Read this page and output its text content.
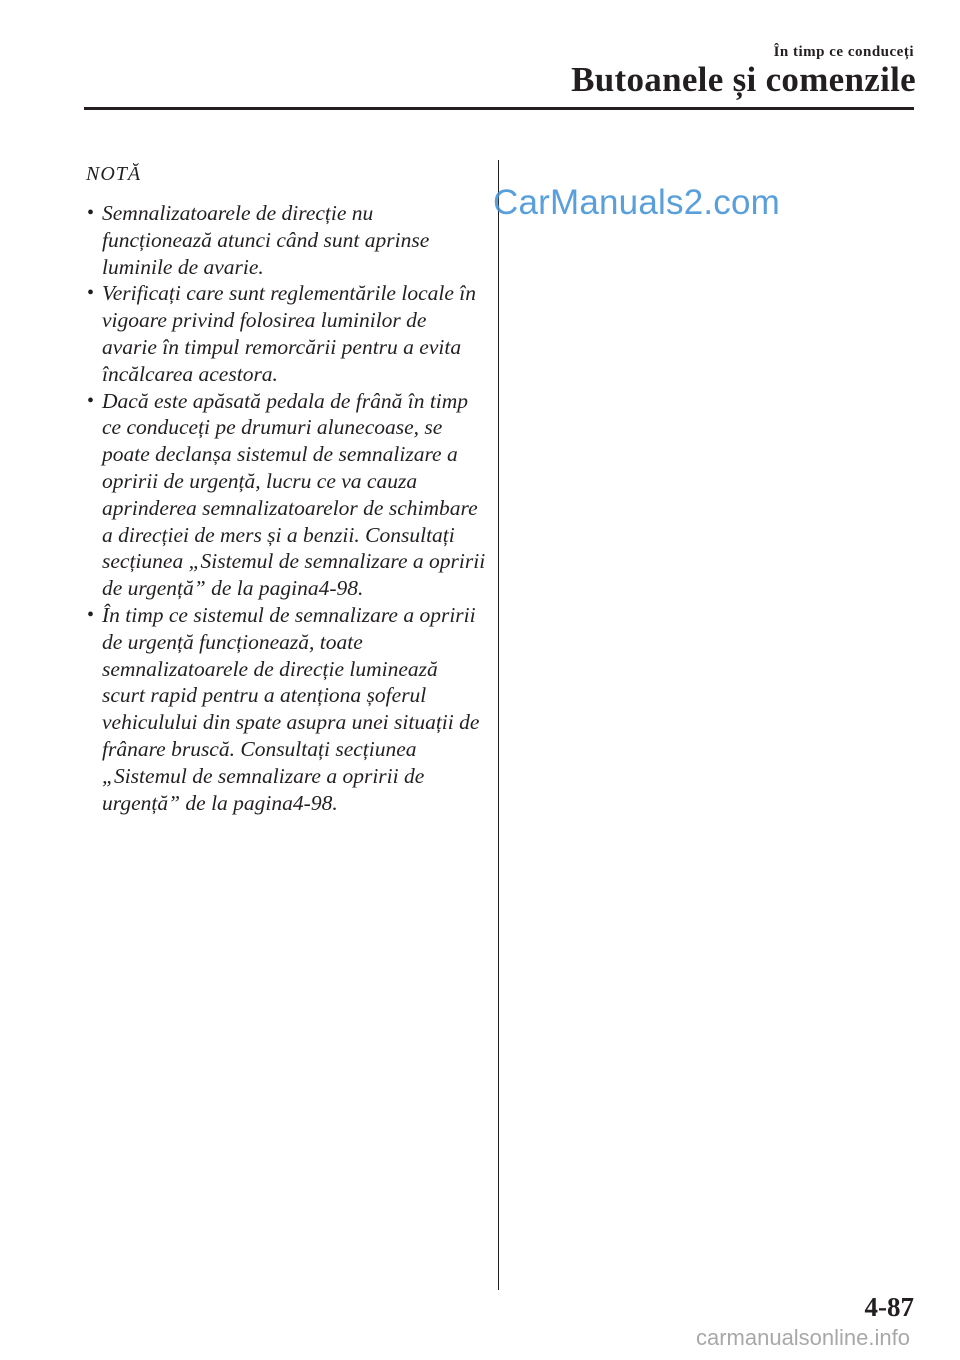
În timp ce conduceți
Butoanele și comenzile
CarManuals2.com
NOTĂ
• Semnalizatoarele de direcție nu funcționează atunci când sunt aprinse luminile de avarie.
• Verificați care sunt reglementările locale în vigoare privind folosirea luminilor de avarie în timpul remorcării pentru a evita încălcarea acestora.
• Dacă este apăsată pedala de frână în timp ce conduceți pe drumuri alunecoase, se poate declanșa sistemul de semnalizare a opririi de urgență, lucru ce va cauza aprinderea semnalizatoarelor de schimbare a direcției de mers și a benzii. Consultați secțiunea „Sistemul de semnalizare a opririi de urgență” de la pagina4-98.
• În timp ce sistemul de semnalizare a opririi de urgență funcționează, toate semnalizatoarele de direcție luminează scurt rapid pentru a atenționa șoferul vehiculului din spate asupra unei situații de frânare bruscă. Consultați secțiunea „Sistemul de semnalizare a opririi de urgență” de la pagina4-98.
4-87
carmanualsonline.info
